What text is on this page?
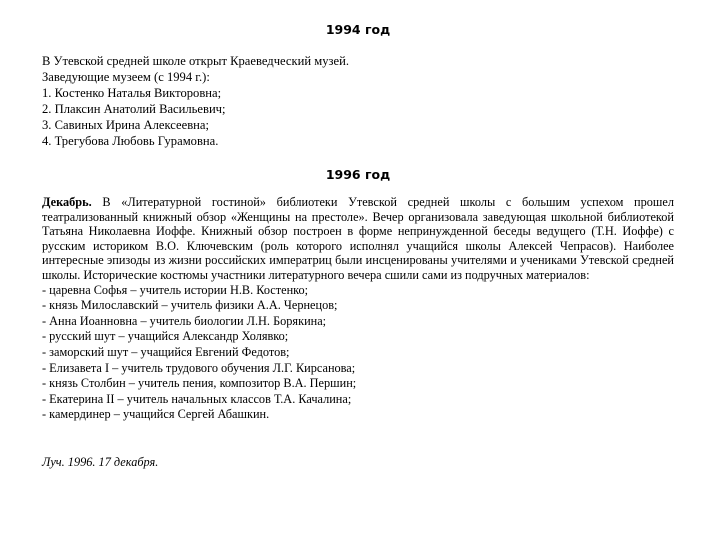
1994 год
В Утевской средней школе открыт Краеведческий музей.
Заведующие музеем (с 1994 г.):
1. Костенко Наталья Викторовна;
2. Плаксин Анатолий Васильевич;
3. Савиных Ирина Алексеевна;
4. Трегубова Любовь Гурамовна.
1996 год

Декабрь. В «Литературной гостиной» библиотеки Утевской средней школы с большим успехом прошел театрализованный книжный обзор «Женщины на престоле». Вечер организовала заведующая школьной библиотекой Татьяна Николаевна Иоффе. Книжный обзор построен в форме непринужденной беседы ведущего (Т.Н. Иоффе) с русским историком В.О. Ключевским (роль которого исполнял учащийся школы Алексей Чепрасов). Наиболее интересные эпизоды из жизни российских императриц были инсценированы учителями и учениками Утевской средней школы. Исторические костюмы участники литературного вечера сшили сами из подручных материалов:

- царевна Софья – учитель истории Н.В. Костенко;
- князь Милославский – учитель физики А.А. Чернецов;
- Анна Иоанновна – учитель биологии Л.Н. Борякина;
- русский шут – учащийся Александр Холявко;
- заморский шут – учащийся Евгений Федотов;
- Елизавета I – учитель трудового обучения Л.Г. Кирсанова;
- князь Столбин – учитель пения, композитор В.А. Першин;
- Екатерина II – учитель начальных классов Т.А. Качалина;
- камердинер – учащийся Сергей Абашкин.
Луч. 1996. 17 декабря.
